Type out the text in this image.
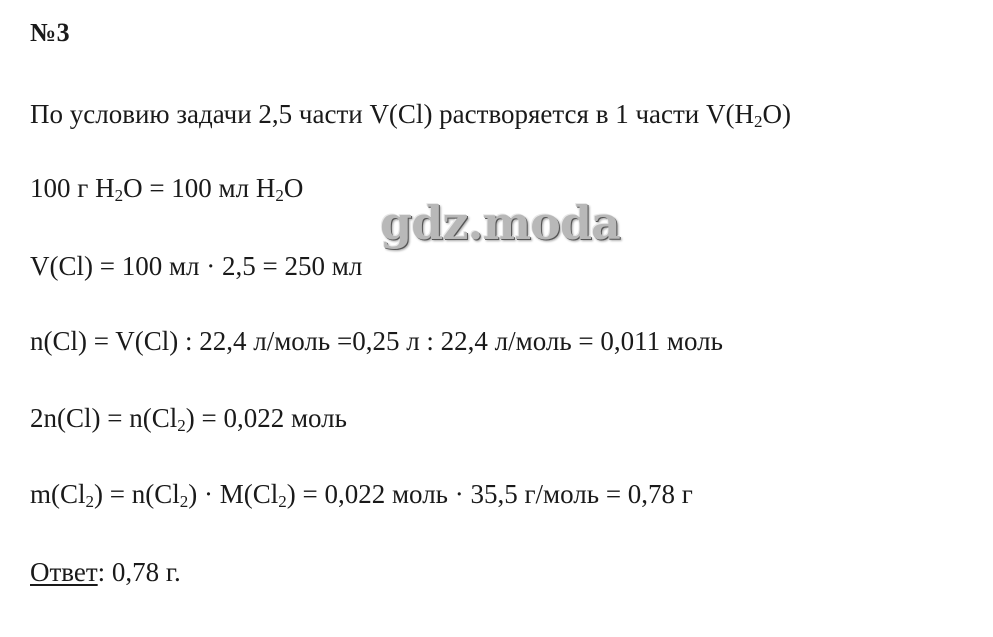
№3
По условию задачи 2,5 части V(Cl) растворяется в 1 части $V(H_2O)$
100 г $H_2O = 100$ мл $H_2O$
V(Cl) = 100 мл · 2,5 = 250 мл
n(Cl) = V(Cl) : 22,4 л/моль =0,25 л : 22,4 л/моль = 0,011 моль
$2n(Cl) = n(Cl_2) = 0,022$ моль
$m(Cl_2) = n(Cl_2) \cdot M(Cl_2) = 0,022$ моль · 35,5 г/моль = 0,78 г
Ответ: 0,78 г.
gdz.moda
